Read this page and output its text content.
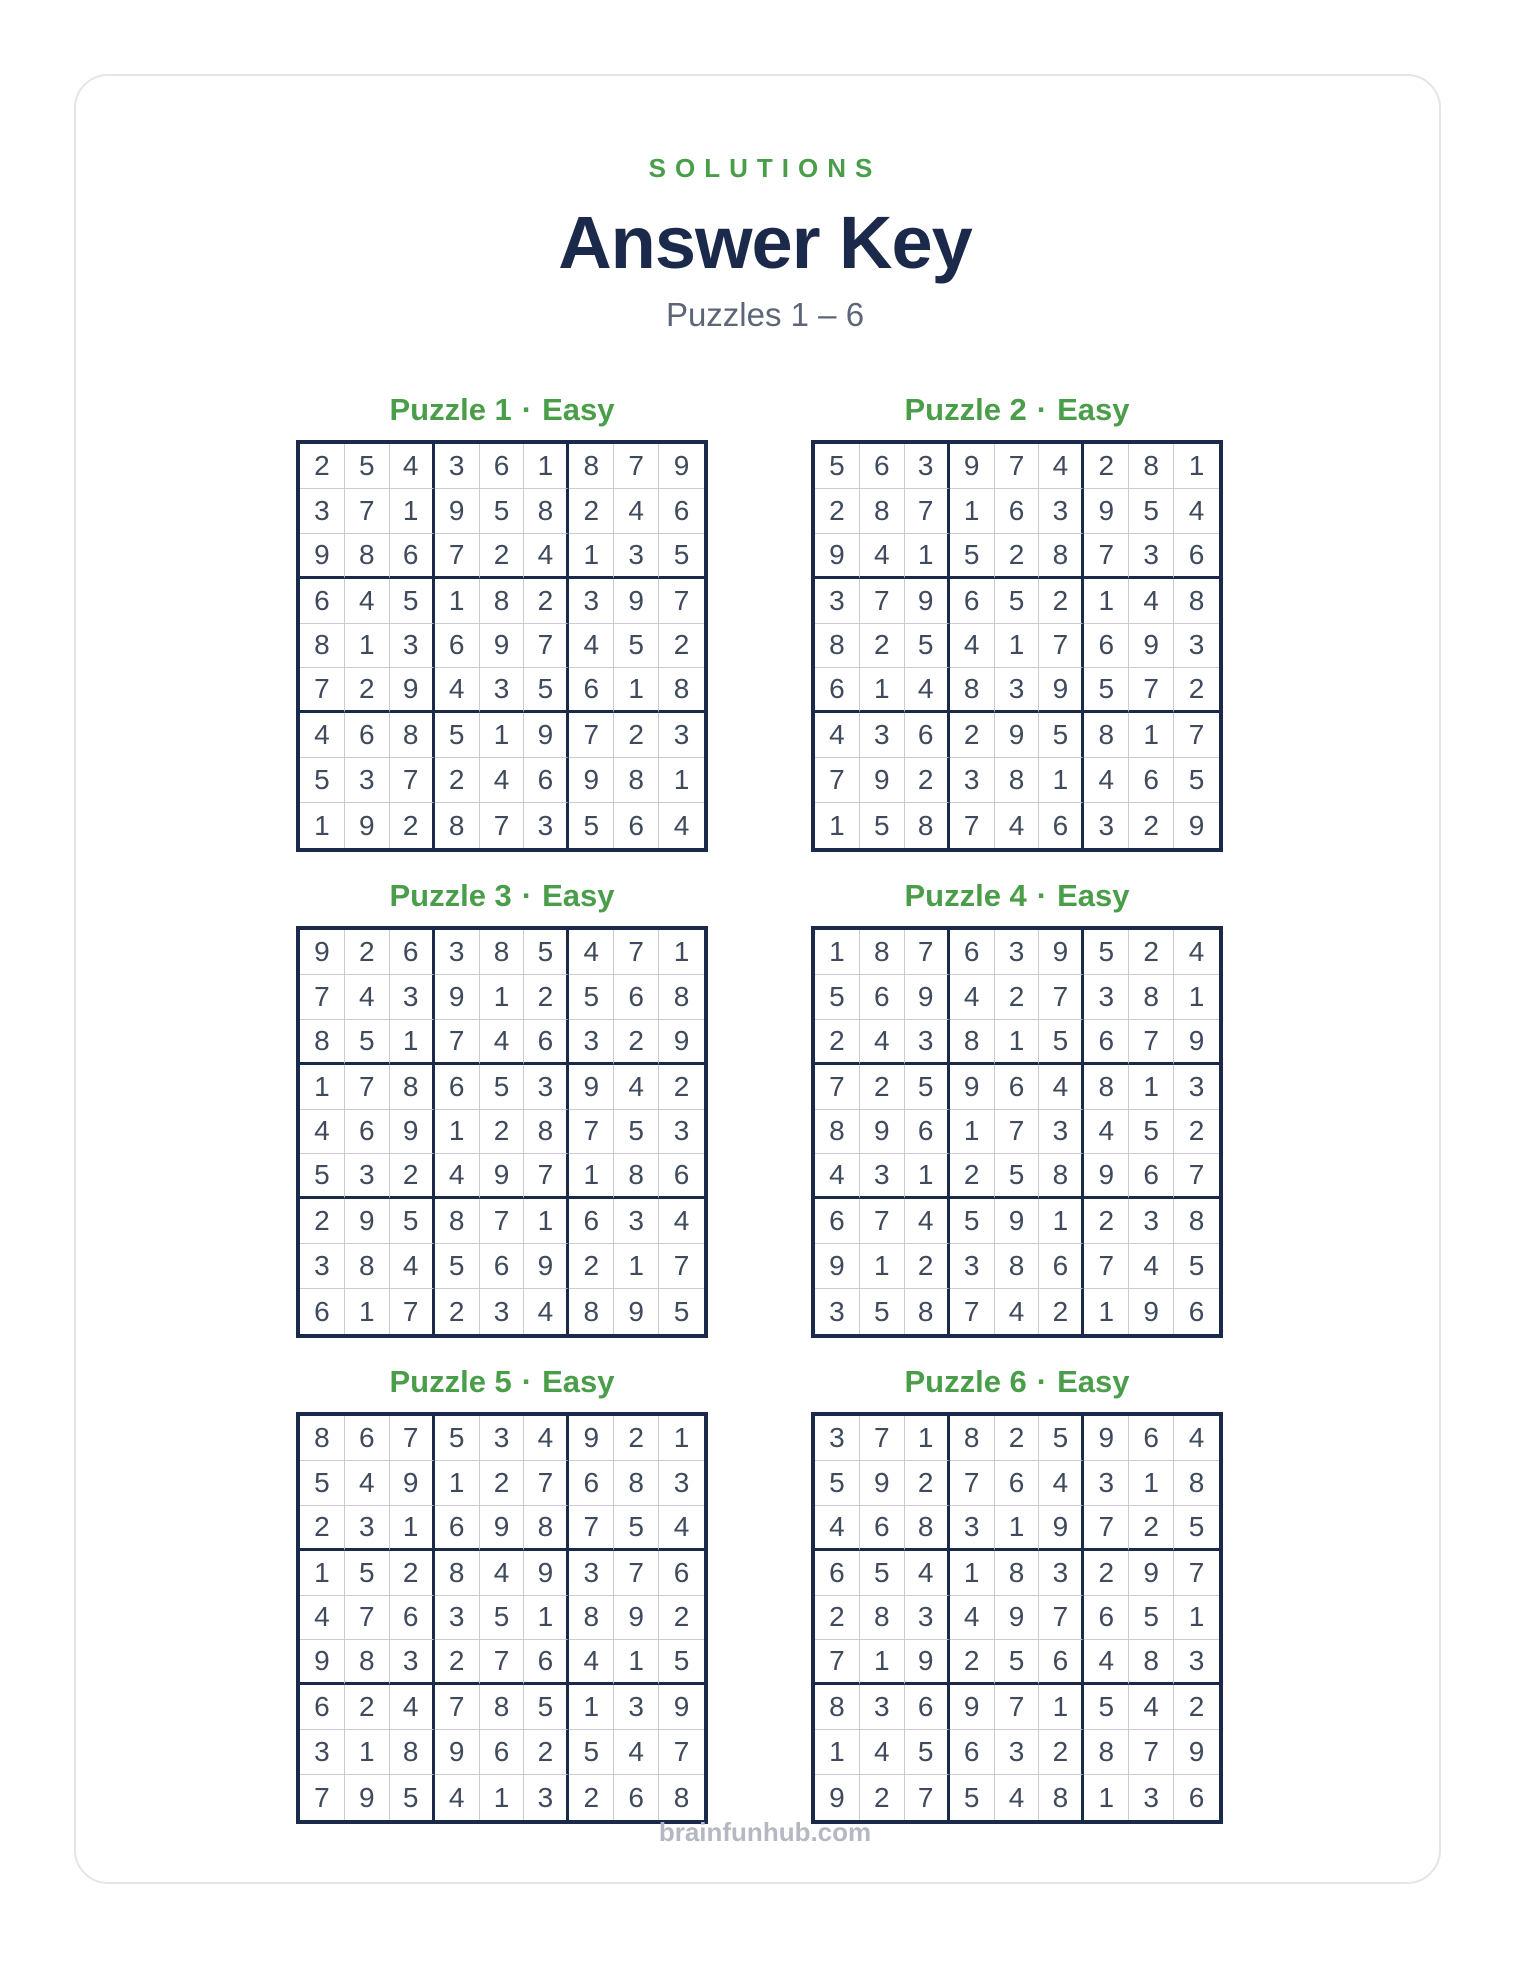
SOLUTIONS
Answer Key
Puzzles 1 – 6
Puzzle 1 · Easy
2	5	4	3	6	1	8	7	9
3	7	1	9	5	8	2	4	6
9	8	6	7	2	4	1	3	5
6	4	5	1	8	2	3	9	7
8	1	3	6	9	7	4	5	2
7	2	9	4	3	5	6	1	8
4	6	8	5	1	9	7	2	3
5	3	7	2	4	6	9	8	1
1	9	2	8	7	3	5	6	4
Puzzle 2 · Easy
5	6	3	9	7	4	2	8	1
2	8	7	1	6	3	9	5	4
9	4	1	5	2	8	7	3	6
3	7	9	6	5	2	1	4	8
8	2	5	4	1	7	6	9	3
6	1	4	8	3	9	5	7	2
4	3	6	2	9	5	8	1	7
7	9	2	3	8	1	4	6	5
1	5	8	7	4	6	3	2	9
Puzzle 3 · Easy
9	2	6	3	8	5	4	7	1
7	4	3	9	1	2	5	6	8
8	5	1	7	4	6	3	2	9
1	7	8	6	5	3	9	4	2
4	6	9	1	2	8	7	5	3
5	3	2	4	9	7	1	8	6
2	9	5	8	7	1	6	3	4
3	8	4	5	6	9	2	1	7
6	1	7	2	3	4	8	9	5
Puzzle 4 · Easy
1	8	7	6	3	9	5	2	4
5	6	9	4	2	7	3	8	1
2	4	3	8	1	5	6	7	9
7	2	5	9	6	4	8	1	3
8	9	6	1	7	3	4	5	2
4	3	1	2	5	8	9	6	7
6	7	4	5	9	1	2	3	8
9	1	2	3	8	6	7	4	5
3	5	8	7	4	2	1	9	6
Puzzle 5 · Easy
8	6	7	5	3	4	9	2	1
5	4	9	1	2	7	6	8	3
2	3	1	6	9	8	7	5	4
1	5	2	8	4	9	3	7	6
4	7	6	3	5	1	8	9	2
9	8	3	2	7	6	4	1	5
6	2	4	7	8	5	1	3	9
3	1	8	9	6	2	5	4	7
7	9	5	4	1	3	2	6	8
Puzzle 6 · Easy
3	7	1	8	2	5	9	6	4
5	9	2	7	6	4	3	1	8
4	6	8	3	1	9	7	2	5
6	5	4	1	8	3	2	9	7
2	8	3	4	9	7	6	5	1
7	1	9	2	5	6	4	8	3
8	3	6	9	7	1	5	4	2
1	4	5	6	3	2	8	7	9
9	2	7	5	4	8	1	3	6
brainfunhub.com
